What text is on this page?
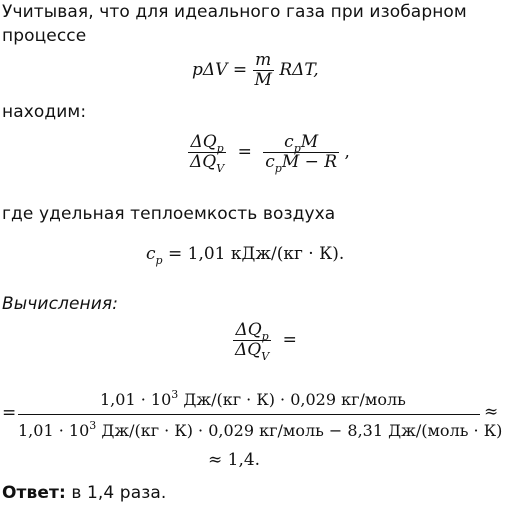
Учитывая, что для идеального газа при изобарном
процессе
$p\Delta V = \frac{m}{M} R\Delta T$,
находим:
$\frac{\Delta Q_p}{\Delta Q_V} = \frac{c_pM}{c_pM - R}$ ,
где удельная теплоемкость воздуха
$c_p = 1,01$ кДж/(кг · К).
Вычисления:
$\frac{\Delta Q_p}{\Delta Q_V}$ =
=
$1,01 \cdot 10^3$ Дж/(кг · К) · 0,029 кг/моль
$1,01 \cdot 10^3$ Дж/(кг · К) · 0,029 кг/моль − 8,31 Дж/(моль · К)
≈
≈ 1,4.
Ответ: в 1,4 раза.
